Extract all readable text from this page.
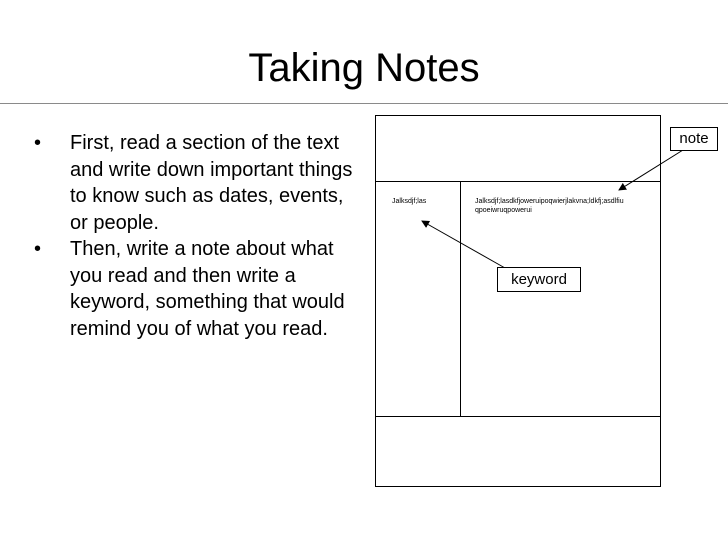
Taking Notes
• First, read a section of the text and write down important things to know such as dates, events, or people.
• Then, write a note about what you read and then write a keyword, something that would remind you of what you read.
Jalksdjf;las	Jalksdjf;lasdkfjoweruipoqwierjlakvna;ldkfj;asdlfiu
qpoeiwruqpowerui
note
keyword
